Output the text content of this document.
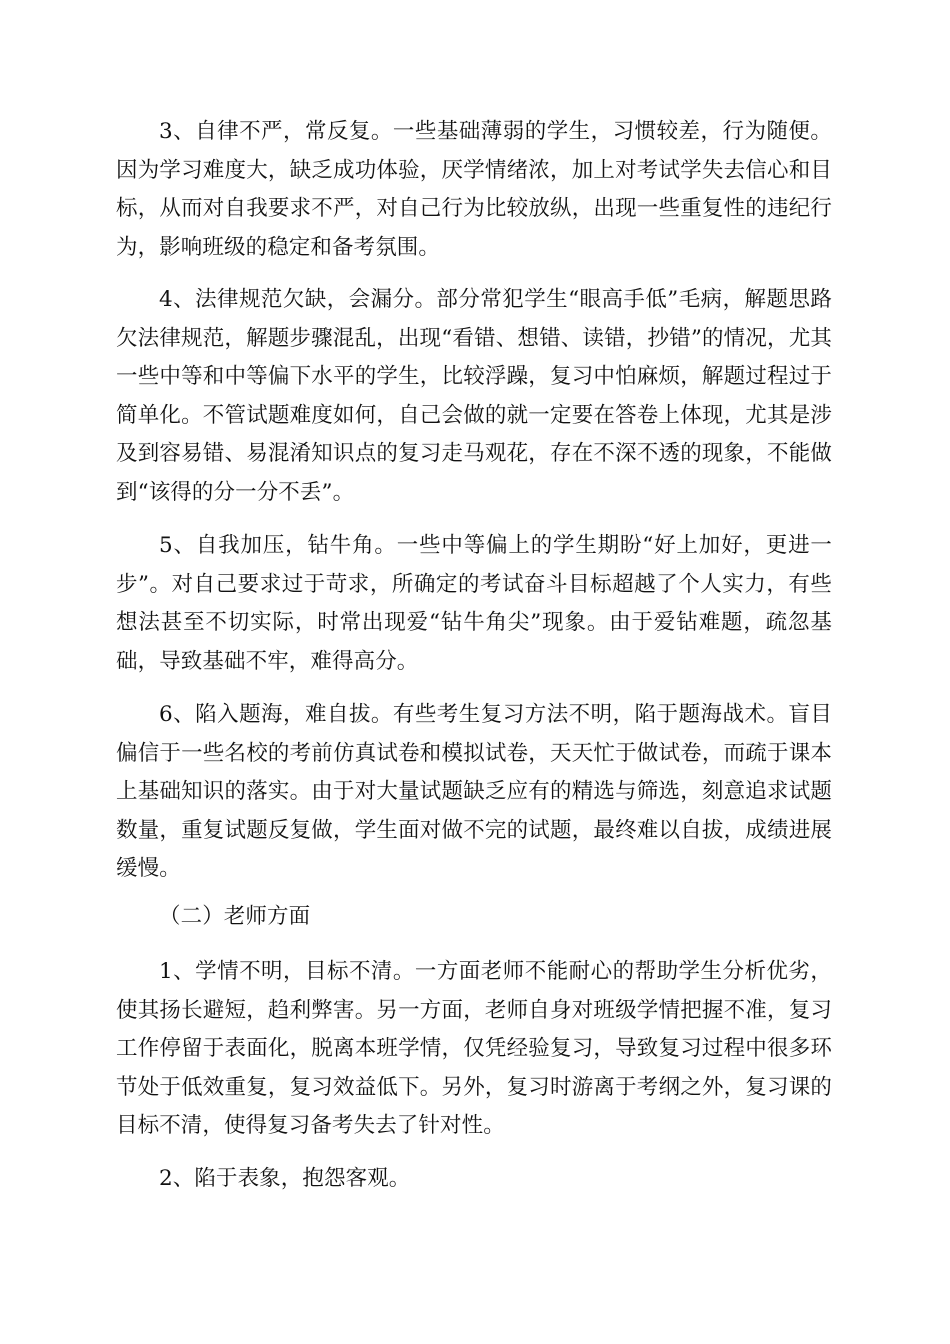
3、自律不严，常反复。一些基础薄弱的学生，习惯较差，行为随便。因为学习难度大，缺乏成功体验，厌学情绪浓，加上对考试学失去信心和目标，从而对自我要求不严，对自己行为比较放纵，出现一些重复性的违纪行为，影响班级的稳定和备考氛围。

4、法律规范欠缺，会漏分。部分常犯学生“眼高手低”毛病，解题思路欠法律规范，解题步骤混乱，出现“看错、想错、读错，抄错”的情况，尤其一些中等和中等偏下水平的学生，比较浮躁，复习中怕麻烦，解题过程过于简单化。不管试题难度如何，自己会做的就一定要在答卷上体现，尤其是涉及到容易错、易混淆知识点的复习走马观花，存在不深不透的现象，不能做到“该得的分一分不丢”。

5、自我加压，钻牛角。一些中等偏上的学生期盼“好上加好，更进一步”。对自己要求过于苛求，所确定的考试奋斗目标超越了个人实力，有些想法甚至不切实际，时常出现爱“钻牛角尖”现象。由于爱钻难题，疏忽基础，导致基础不牢，难得高分。

6、陷入题海，难自拔。有些考生复习方法不明，陷于题海战术。盲目偏信于一些名校的考前仿真试卷和模拟试卷，天天忙于做试卷，而疏于课本上基础知识的落实。由于对大量试题缺乏应有的精选与筛选，刻意追求试题数量，重复试题反复做，学生面对做不完的试题，最终难以自拔，成绩进展缓慢。

（二）老师方面

1、学情不明，目标不清。一方面老师不能耐心的帮助学生分析优劣，使其扬长避短，趋利弊害。另一方面，老师自身对班级学情把握不准，复习工作停留于表面化，脱离本班学情，仅凭经验复习，导致复习过程中很多环节处于低效重复，复习效益低下。另外，复习时游离于考纲之外，复习课的目标不清，使得复习备考失去了针对性。

2、陷于表象，抱怨客观。
